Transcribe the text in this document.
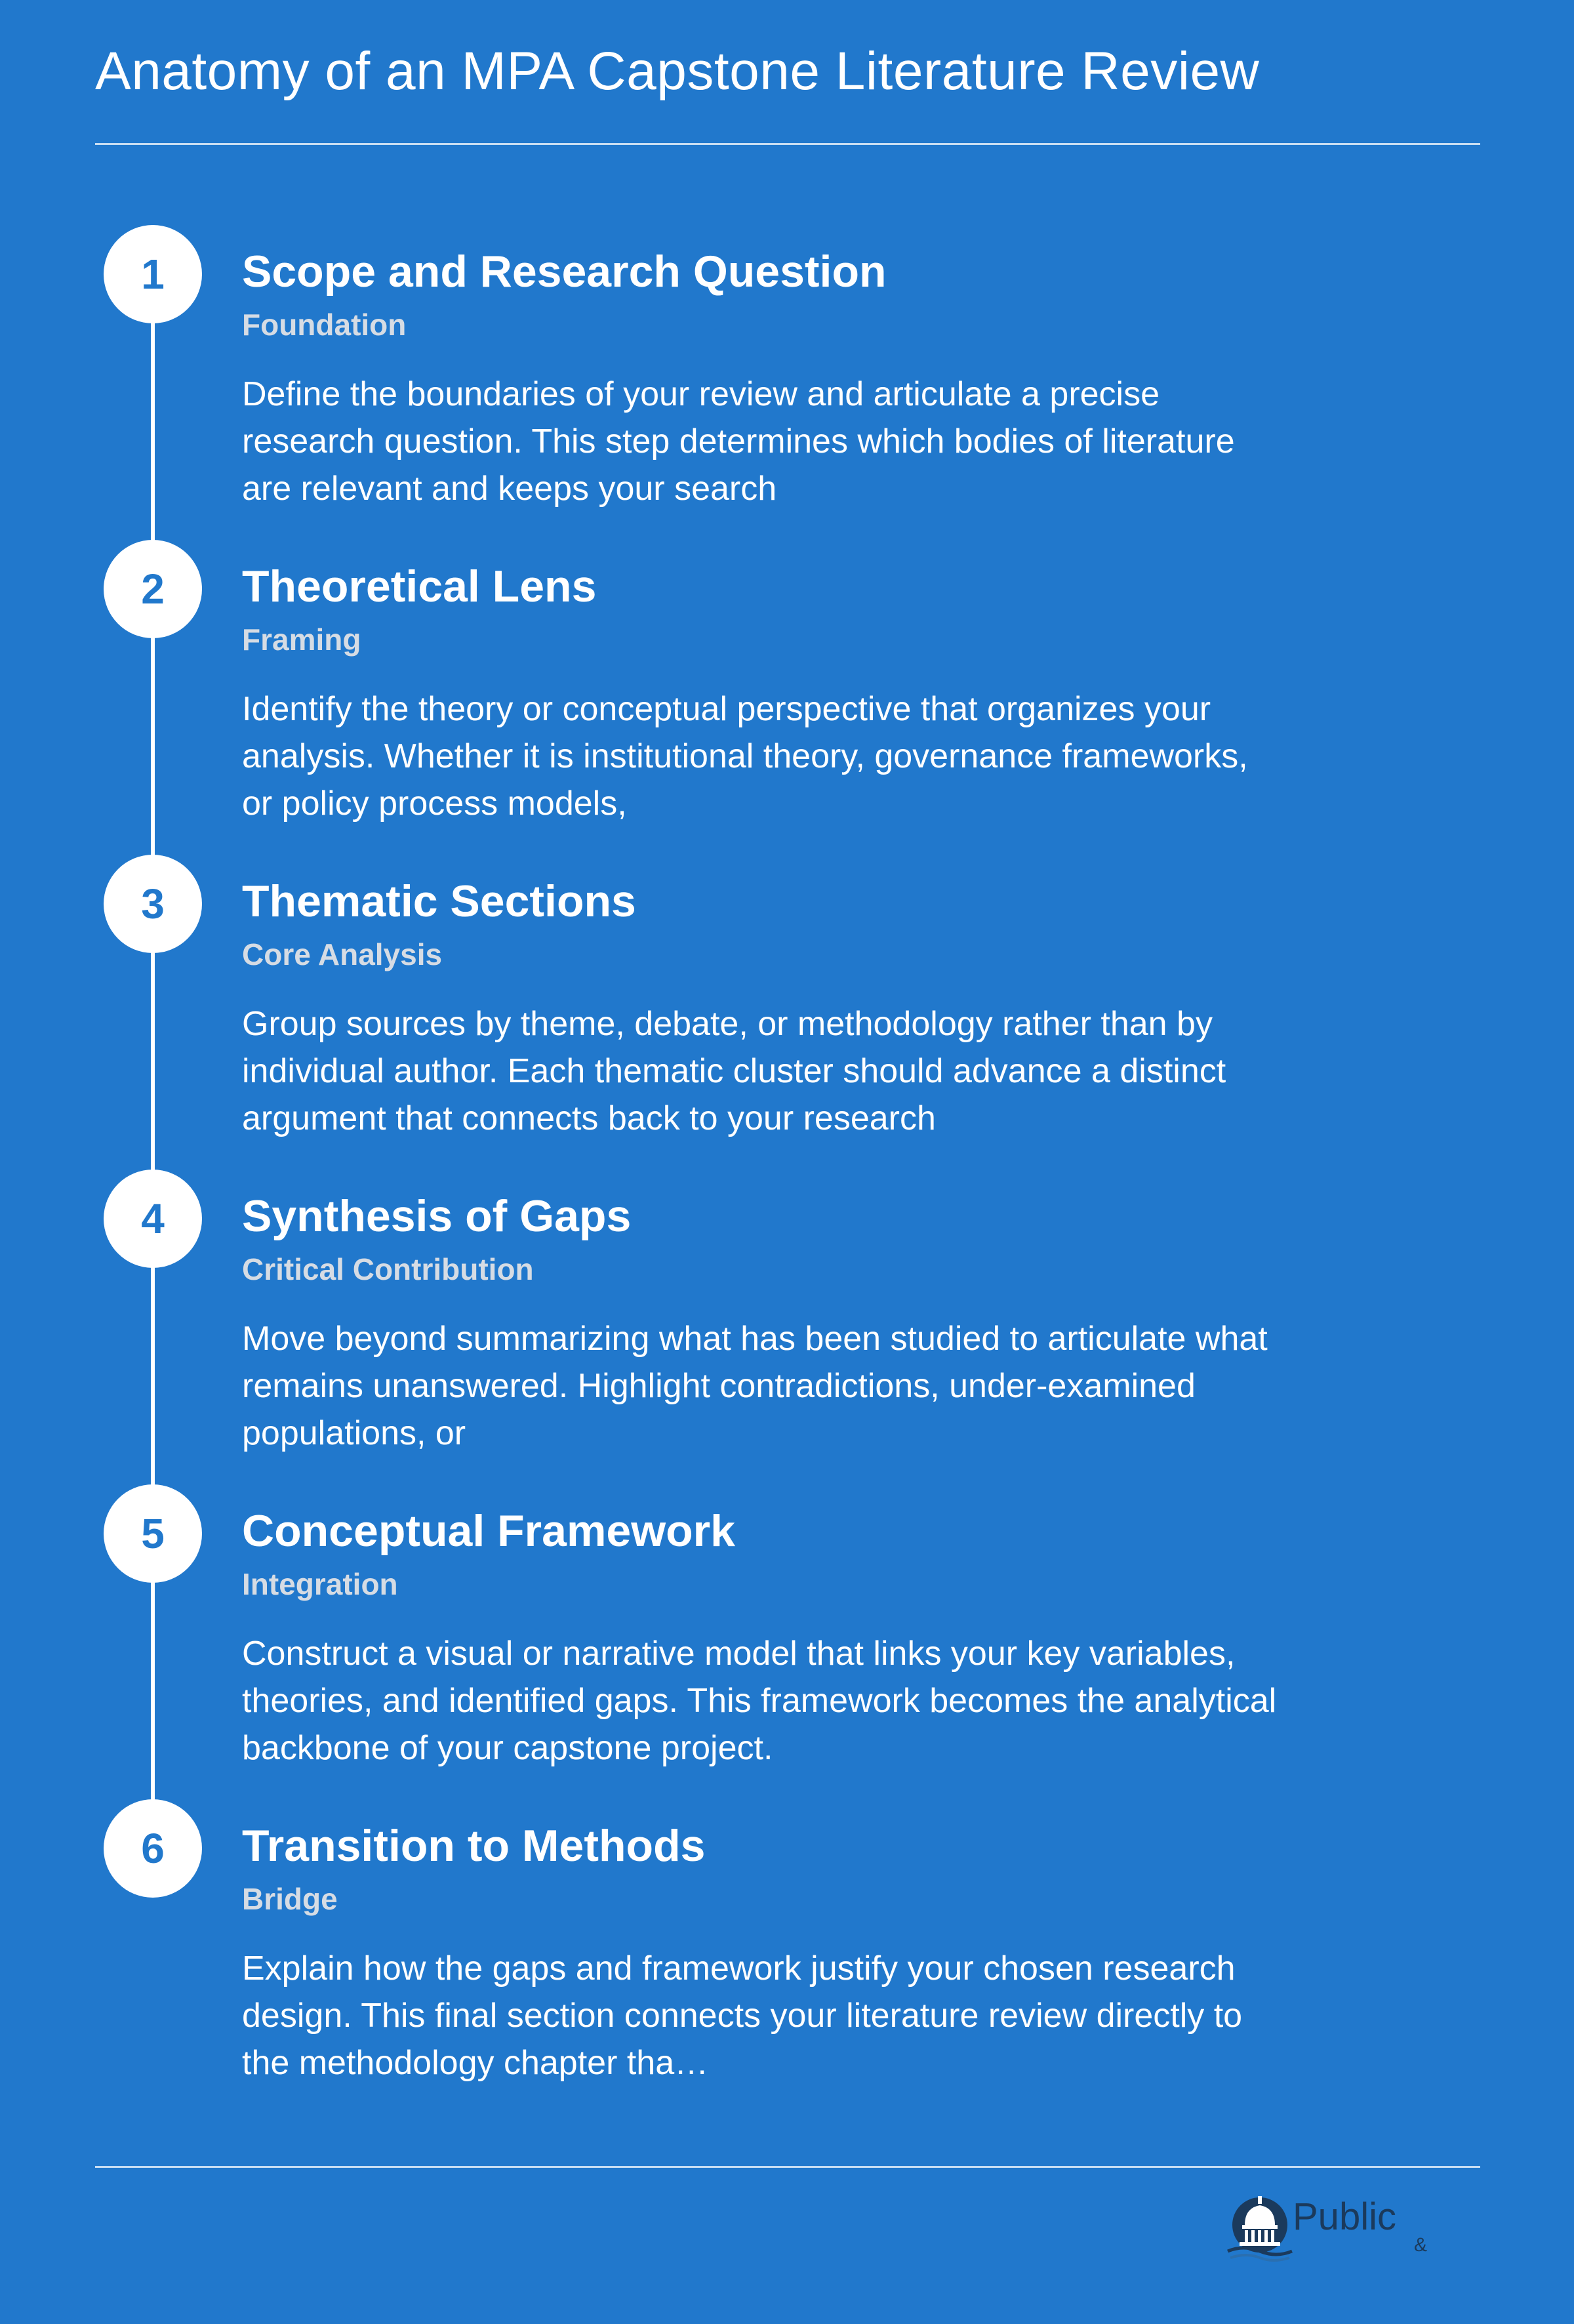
Anatomy of an MPA Capstone Literature Review
1	Scope and Research Question
Foundation
Define the boundaries of your review and articulate a precise research question. This step determines which bodies of literature are relevant and keeps your search
2	Theoretical Lens
Framing
Identify the theory or conceptual perspective that organizes your analysis. Whether it is institutional theory, governance frameworks, or policy process models,
3	Thematic Sections
Core Analysis
Group sources by theme, debate, or methodology rather than by individual author. Each thematic cluster should advance a distinct argument that connects back to your research
4	Synthesis of Gaps
Critical Contribution
Move beyond summarizing what has been studied to articulate what remains unanswered. Highlight contradictions, under-examined populations, or
5	Conceptual Framework
Integration
Construct a visual or narrative model that links your key variables, theories, and identified gaps. This framework becomes the analytical backbone of your capstone project.
6	Transition to Methods
Bridge
Explain how the gaps and framework justify your chosen research design. This final section connects your literature review directly to the methodology chapter tha…
Public
&
